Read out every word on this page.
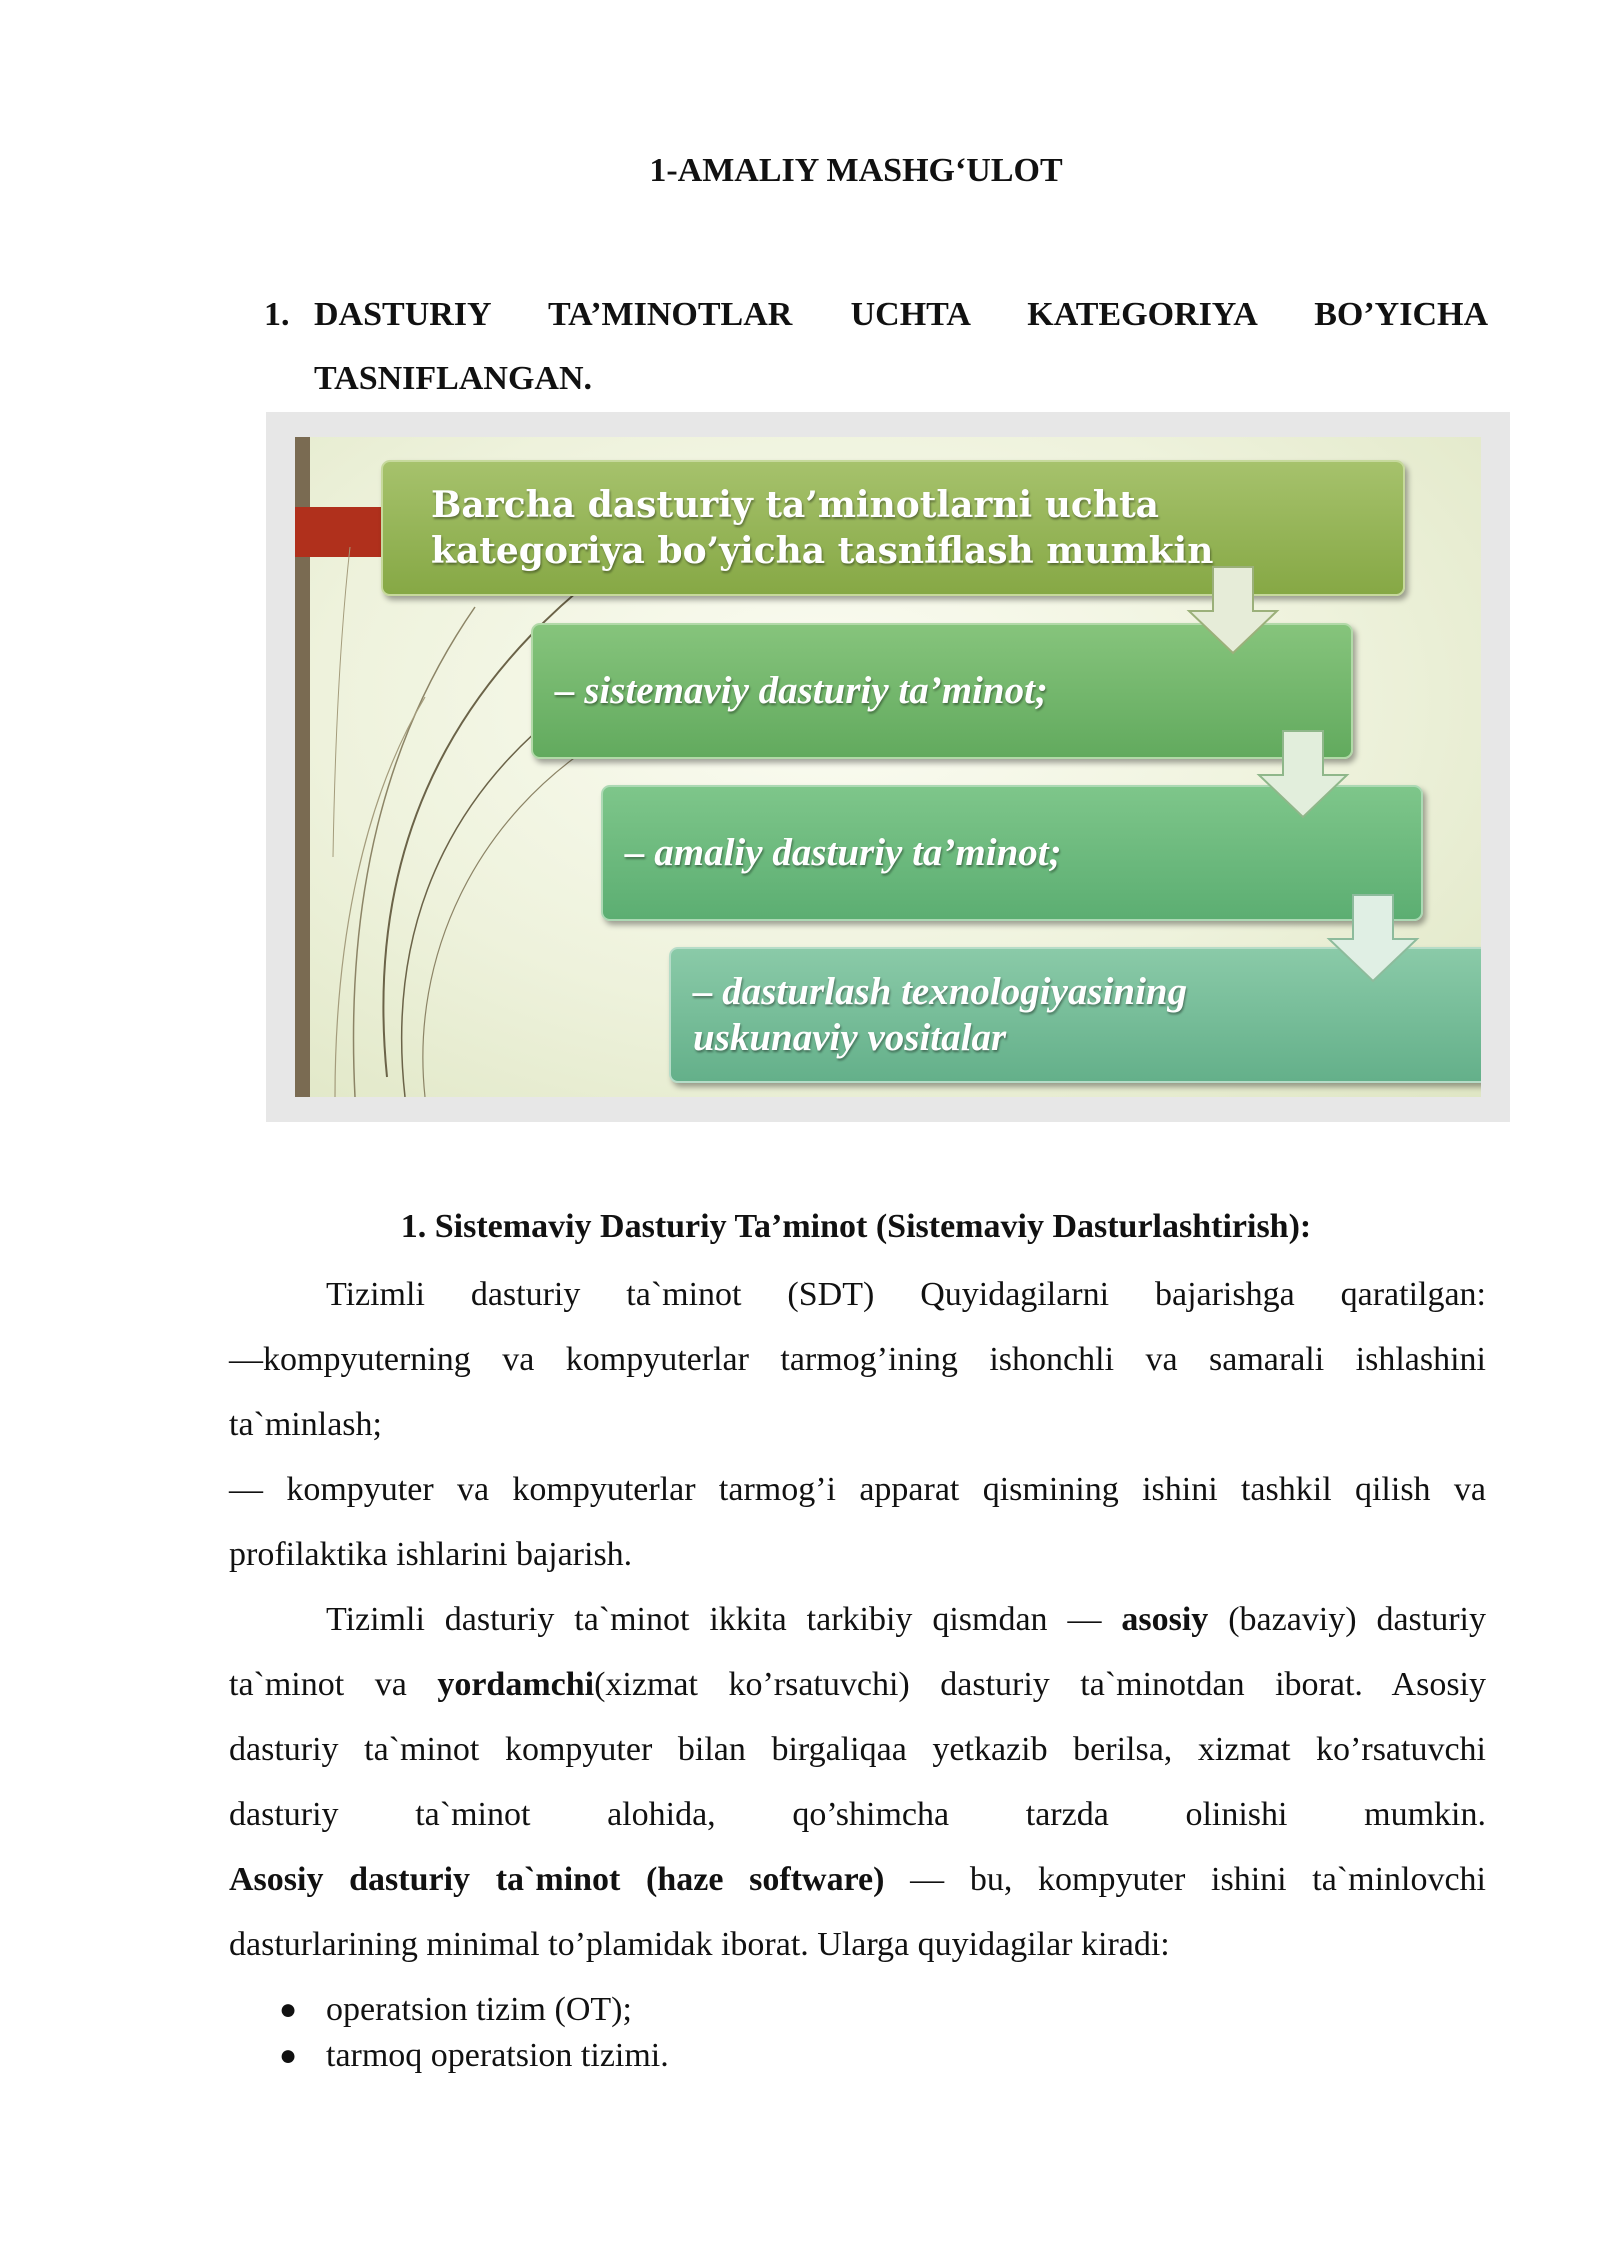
1-AMALIY MASHG‘ULOT
1. DASTURIY TA’MINOTLAR UCHTA KATEGORIYA BO’YICHA
TASNIFLANGAN.
Barcha dasturiy ta’minotlarni uchta
kategoriya bo’yicha tasniflash mumkin
– sistemaviy dasturiy ta’minot;
– amaliy dasturiy ta’minot;
– dasturlash texnologiyasining
uskunaviy vositalar
1. Sistemaviy Dasturiy Ta’minot (Sistemaviy Dasturlashtirish):

Tizimli dasturiy ta`minot (SDT) Quyidagilarni bajarishga qaratilgan:

—kompyuterning va kompyuterlar tarmog’ining ishonchli va samarali ishlashini

ta`minlash;

— kompyuter va kompyuterlar tarmog’i apparat qismining ishini tashkil qilish va

profilaktika ishlarini bajarish.

Tizimli dasturiy ta`minot ikkita tarkibiy qismdan — asosiy (bazaviy) dasturiy

ta`minot va yordamchi(xizmat ko’rsatuvchi) dasturiy ta`minotdan iborat. Asosiy

dasturiy ta`minot kompyuter bilan birgaliqaa yetkazib berilsa, xizmat ko’rsatuvchi

dasturiy ta`minot alohida, qo’shimcha tarzda olinishi mumkin.

Asosiy dasturiy ta`minot (haze software) — bu, kompyuter ishini ta`minlovchi

dasturlarining minimal to’plamidak iborat. Ularga quyidagilar kiradi:

● operatsion tizim (OT);
● tarmoq operatsion tizimi.
